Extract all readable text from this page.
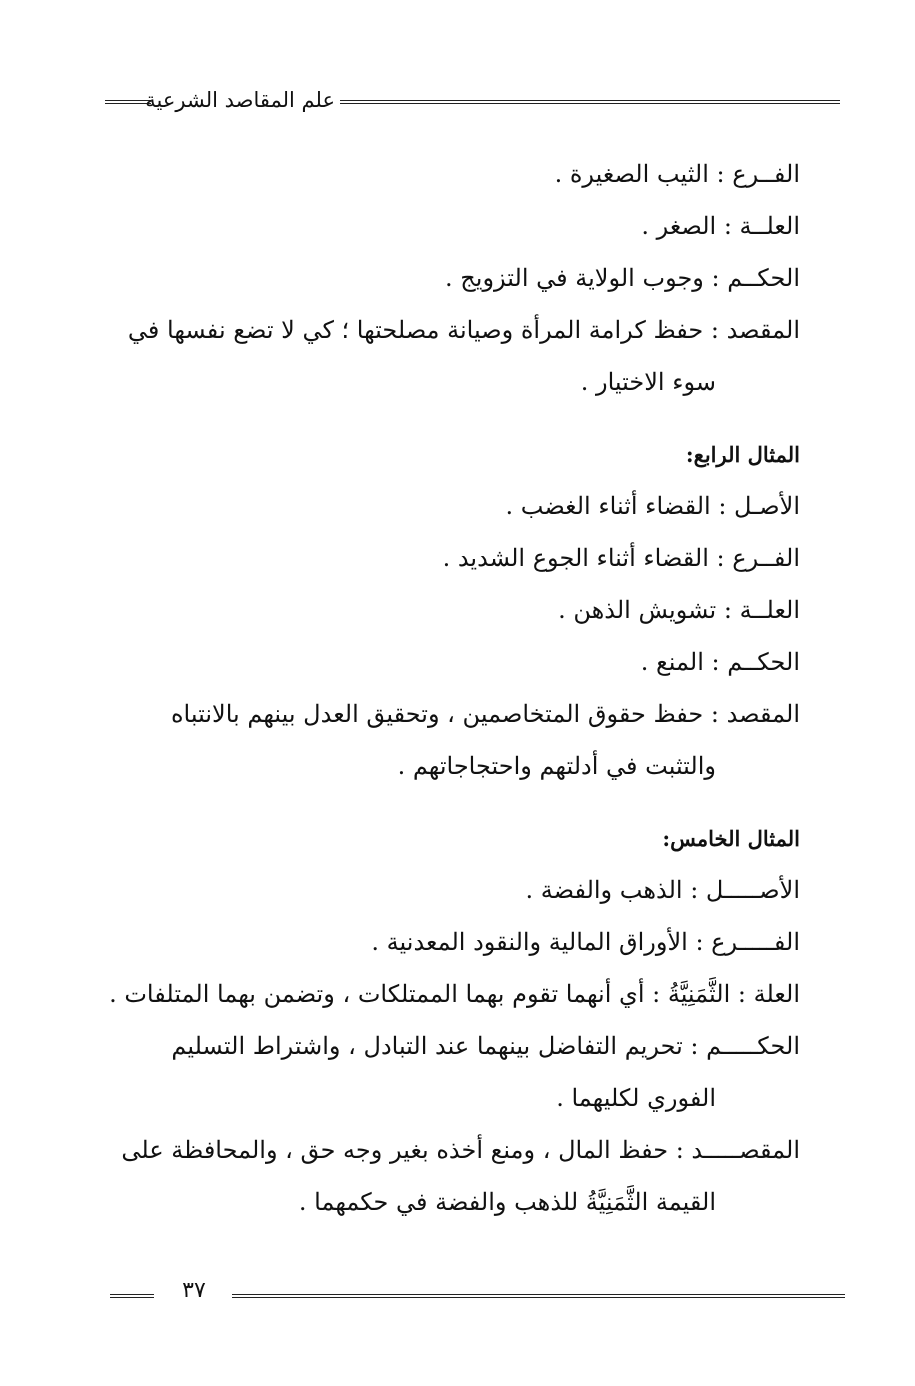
علم المقاصد الشرعية
الفــرع : الثيب الصغيرة .
العلــة : الصغر .
الحكــم : وجوب الولاية في التزويج .
المقصد : حفظ كرامة المرأة وصيانة مصلحتها ؛ كي لا تضع نفسها في
سوء الاختيار .
المثال الرابع:
الأصـل : القضاء أثناء الغضب .
الفــرع : القضاء أثناء الجوع الشديد .
العلــة : تشويش الذهن .
الحكــم : المنع .
المقصد : حفظ حقوق المتخاصمين ، وتحقيق العدل بينهم بالانتباه
والتثبت في أدلتهم واحتجاجاتهم .
المثال الخامس:
الأصـــــل : الذهب والفضة .
الفـــــرع : الأوراق المالية والنقود المعدنية .
العلة : الثَّمَنِيَّةُ : أي أنهما تقوم بهما الممتلكات ، وتضمن بهما المتلفات .
الحكـــــم : تحريم التفاضل بينهما عند التبادل ، واشتراط التسليم
الفوري لكليهما .
المقصـــــد : حفظ المال ، ومنع أخذه بغير وجه حق ، والمحافظة على
القيمة الثَّمَنِيَّةُ للذهب والفضة في حكمهما .
٣٧
